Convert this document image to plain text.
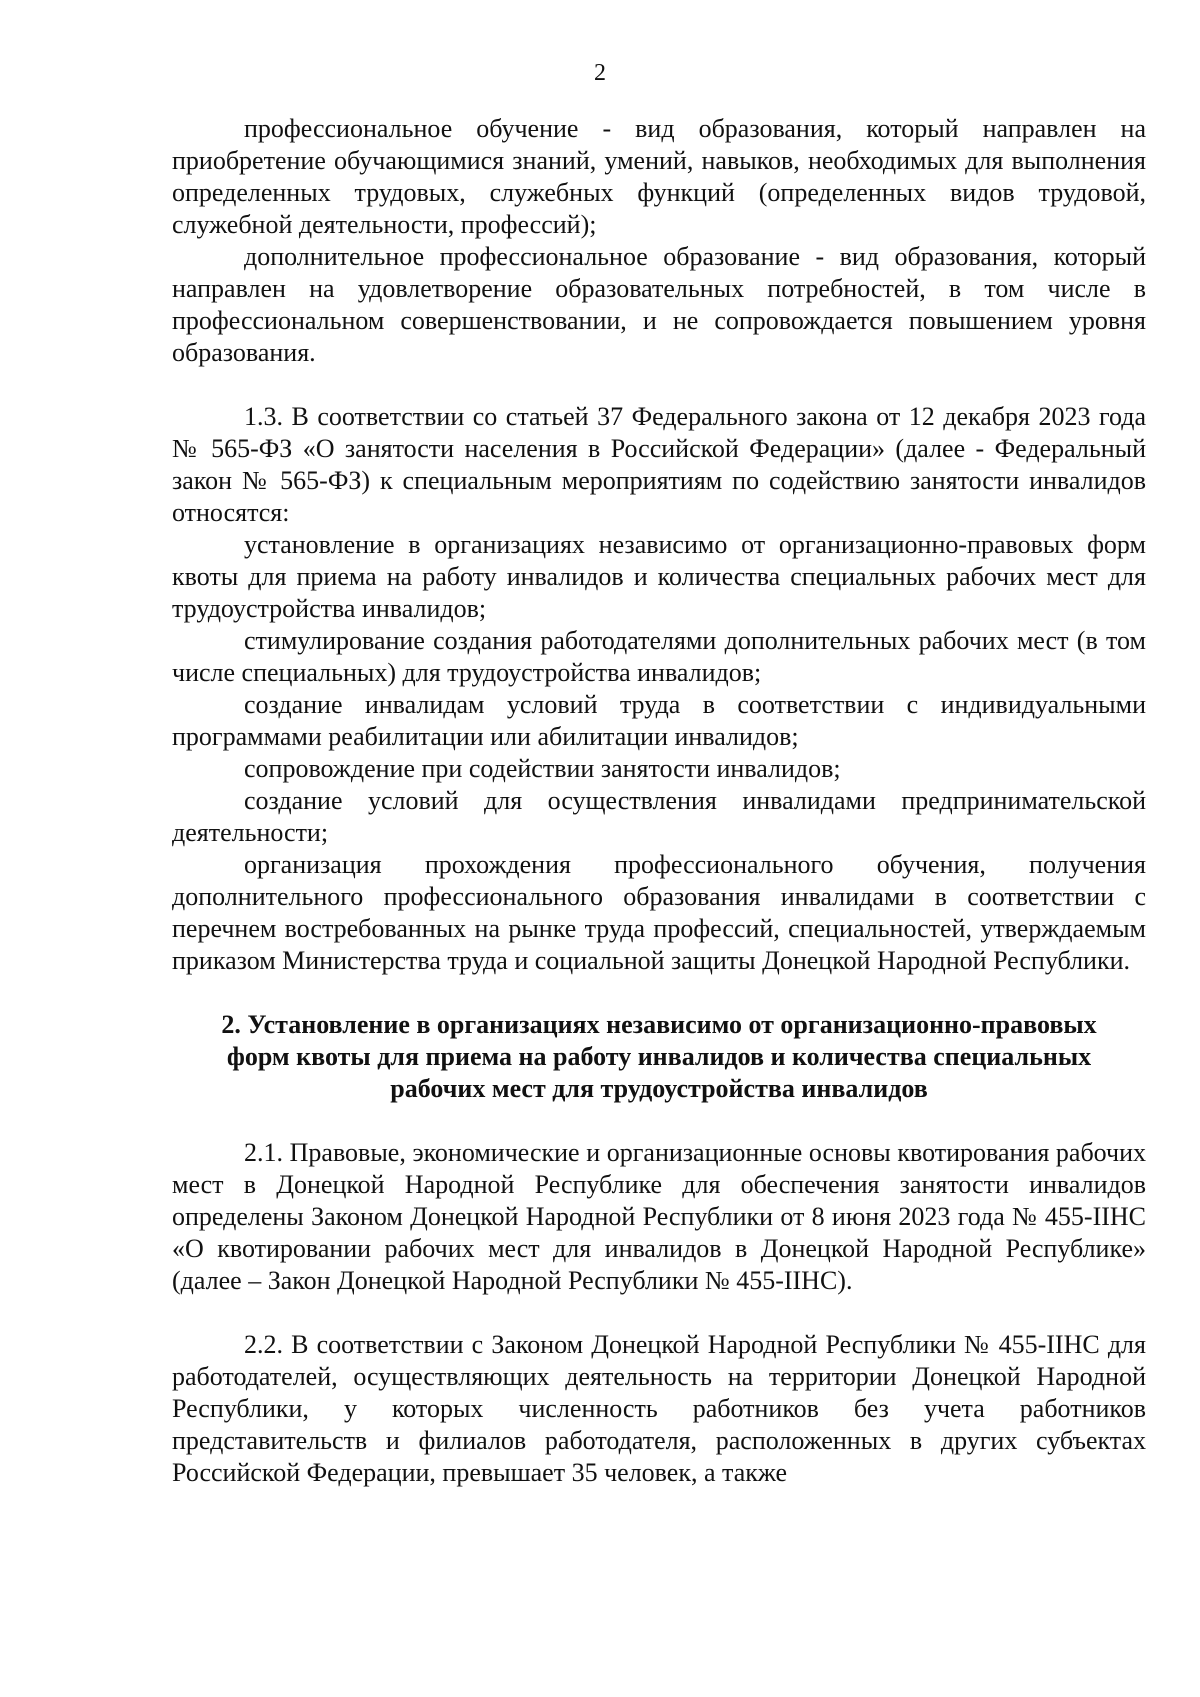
2

профессиональное обучение - вид образования, который направлен на приобретение обучающимися знаний, умений, навыков, необходимых для выполнения определенных трудовых, служебных функций (определенных видов трудовой, служебной деятельности, профессий);

дополнительное профессиональное образование - вид образования, который направлен на удовлетворение образовательных потребностей, в том числе в профессиональном совершенствовании, и не сопровождается повышением уровня образования.

1.3. В соответствии со статьей 37 Федерального закона от 12 декабря 2023 года № 565-ФЗ «О занятости населения в Российской Федерации» (далее - Федеральный закон № 565-ФЗ) к специальным мероприятиям по содействию занятости инвалидов относятся:

установление в организациях независимо от организационно-правовых форм квоты для приема на работу инвалидов и количества специальных рабочих мест для трудоустройства инвалидов;

стимулирование создания работодателями дополнительных рабочих мест (в том числе специальных) для трудоустройства инвалидов;

создание инвалидам условий труда в соответствии с индивидуальными программами реабилитации или абилитации инвалидов;

сопровождение при содействии занятости инвалидов;

создание условий для осуществления инвалидами предпринимательской деятельности;

организация прохождения профессионального обучения, получения дополнительного профессионального образования инвалидами в соответствии с перечнем востребованных на рынке труда профессий, специальностей, утверждаемым приказом Министерства труда и социальной защиты Донецкой Народной Республики.

2. Установление в организациях независимо от организационно-правовых форм квоты для приема на работу инвалидов и количества специальных рабочих мест для трудоустройства инвалидов

2.1. Правовые, экономические и организационные основы квотирования рабочих мест в Донецкой Народной Республике для обеспечения занятости инвалидов определены Законом Донецкой Народной Республики от 8 июня 2023 года № 455-IIНС «О квотировании рабочих мест для инвалидов в Донецкой Народной Республике» (далее – Закон Донецкой Народной Республики № 455-IIНС).

2.2. В соответствии с Законом Донецкой Народной Республики № 455-IIНС для работодателей, осуществляющих деятельность на территории Донецкой Народной Республики, у которых численность работников без учета работников представительств и филиалов работодателя, расположенных в других субъектах Российской Федерации, превышает 35 человек, а также
